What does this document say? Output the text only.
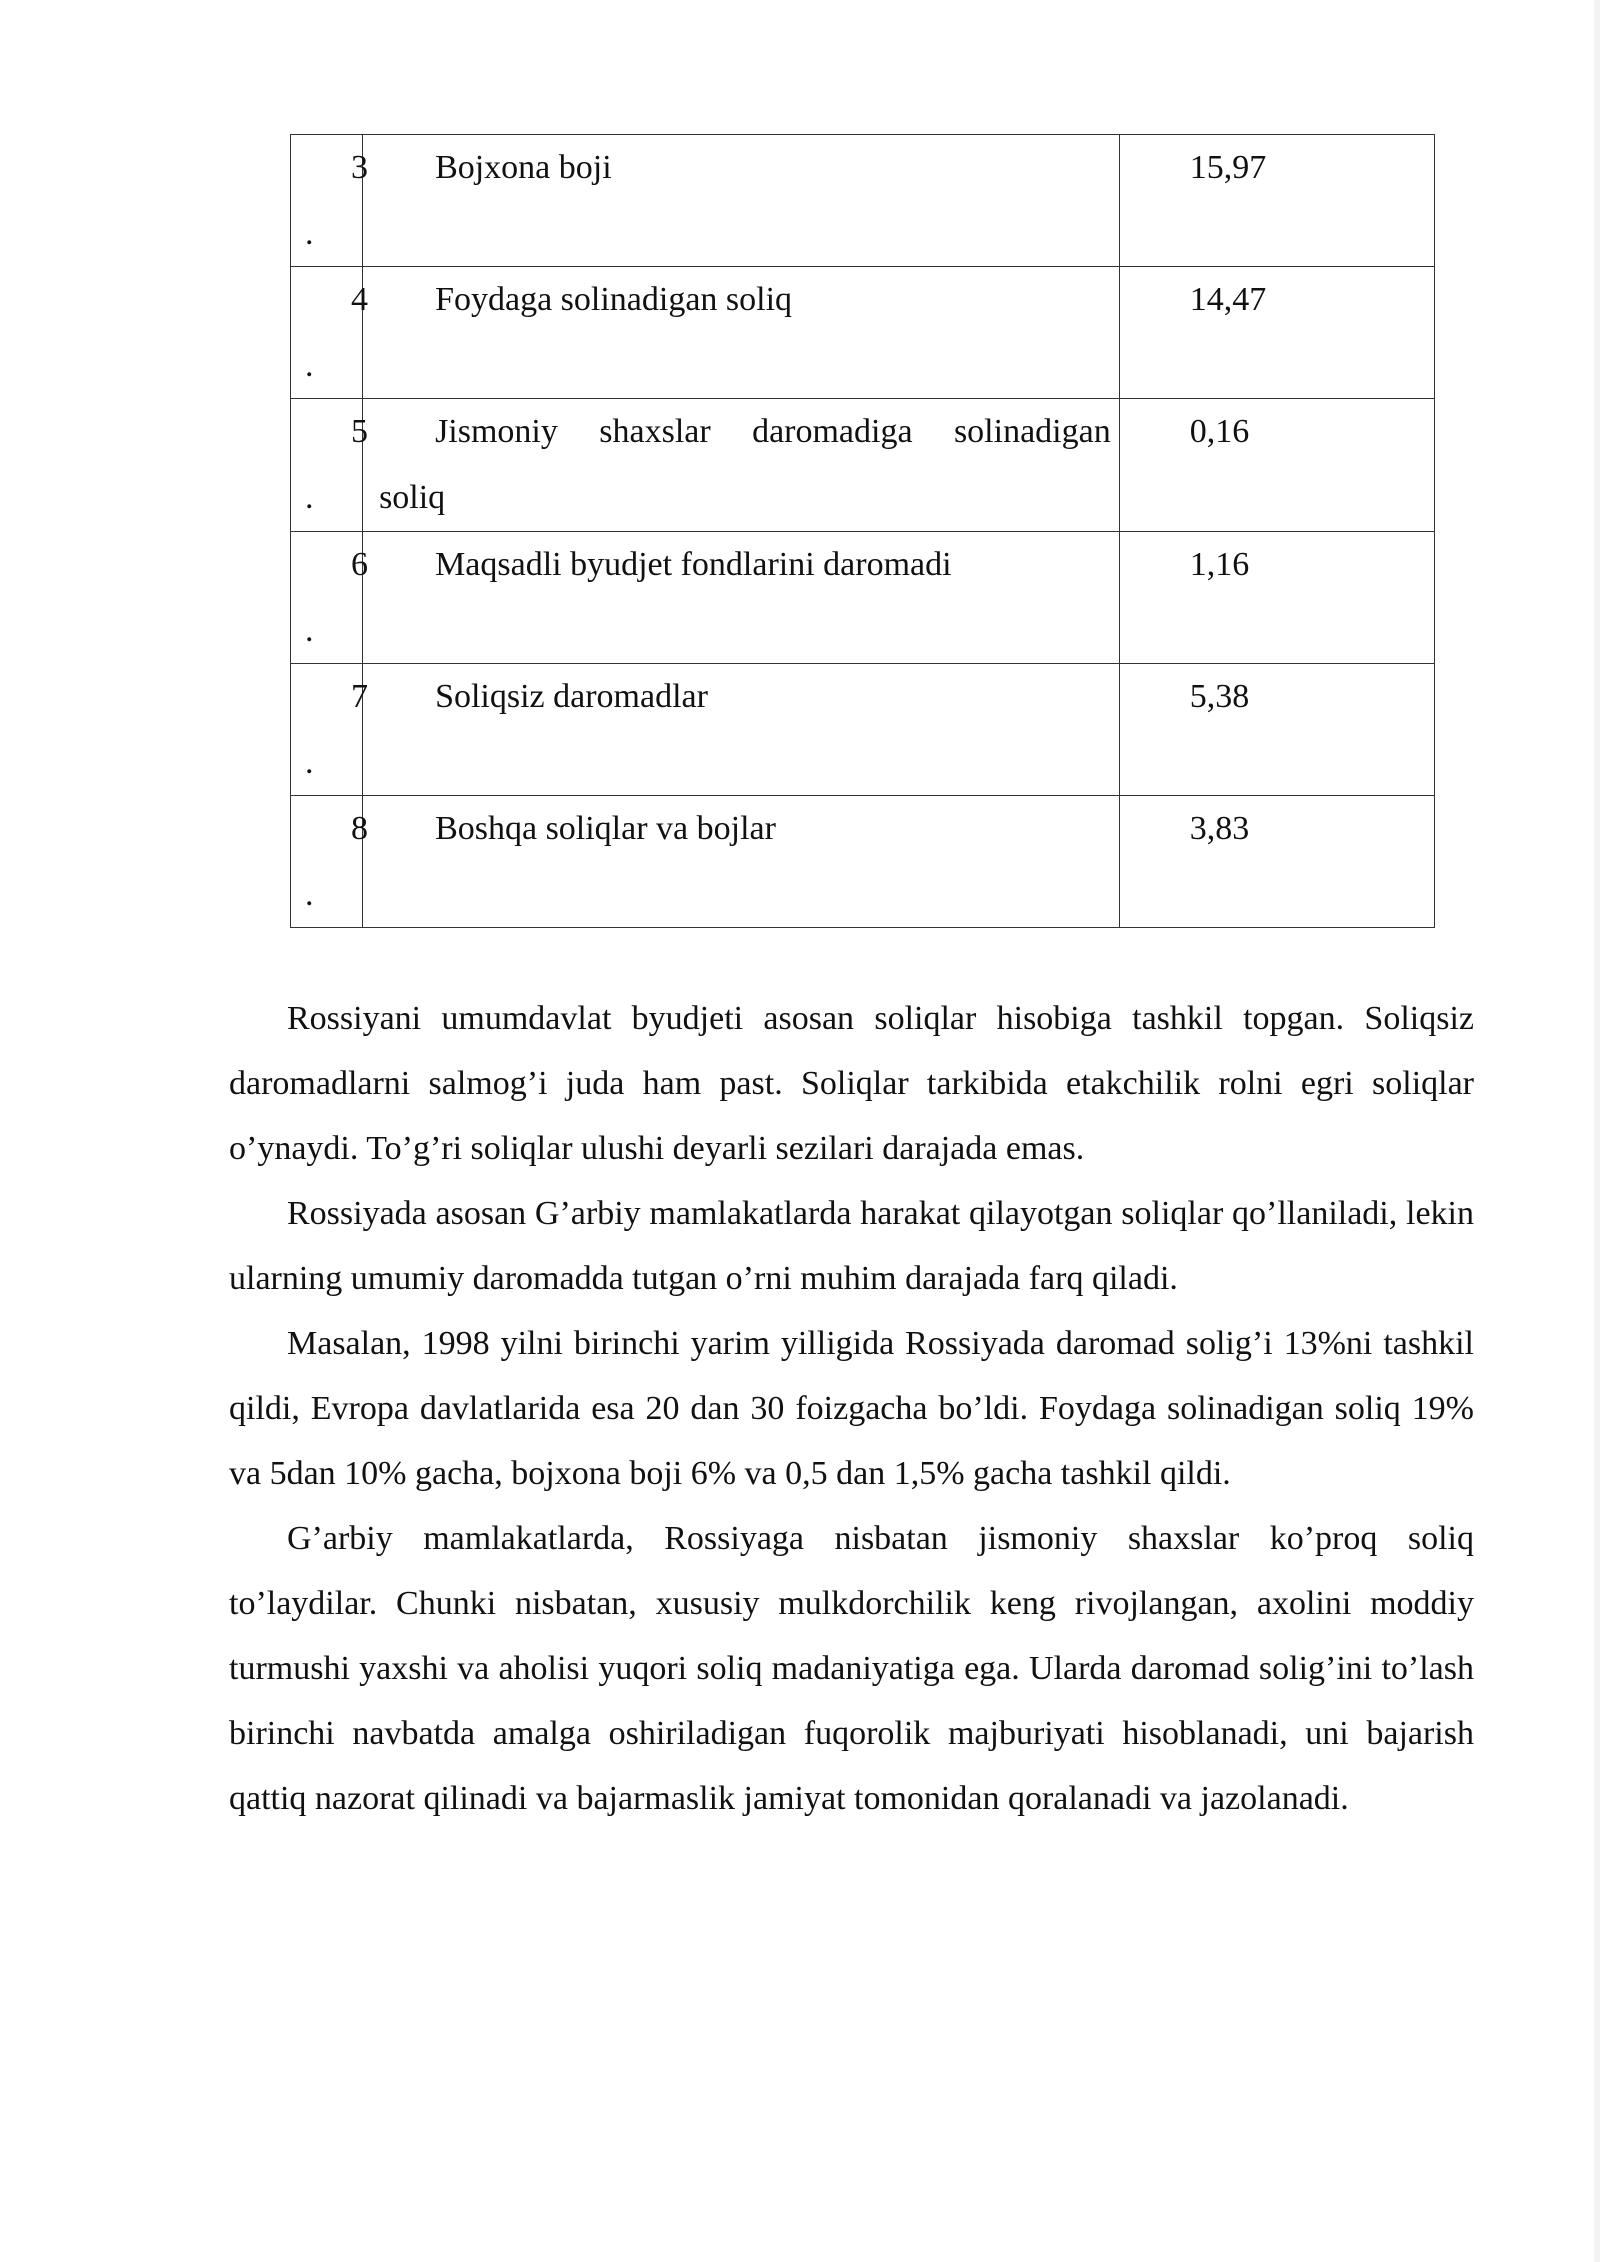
3
.	Bojxona boji	15,97

4
.	Foydaga solinadigan soliq	14,47

5
.	Jismoniy shaxslar daromadiga solinadigan
soliq	0,16

6
.	Maqsadli byudjet fondlarini daromadi	1,16

7
.	Soliqsiz daromadlar	5,38

8
.	Boshqa soliqlar va bojlar	3,83

Rossiyani umumdavlat byudjeti asosan soliqlar hisobiga tashkil topgan. Soliqsiz daromadlarni salmog’i juda ham past. Soliqlar tarkibida etakchilik rolni egri soliqlar o’ynaydi. To’g’ri soliqlar ulushi deyarli sezilari darajada emas.

Rossiyada asosan G’arbiy mamlakatlarda harakat qilayotgan soliqlar qo’llaniladi, lekin ularning umumiy daromadda tutgan o’rni muhim darajada farq qiladi.

Masalan, 1998 yilni birinchi yarim yilligida Rossiyada daromad solig’i 13%ni tashkil qildi, Evropa davlatlarida esa 20 dan 30 foizgacha bo’ldi. Foydaga solinadigan soliq 19% va 5dan 10% gacha, bojxona boji 6% va 0,5 dan 1,5% gacha tashkil qildi.

G’arbiy mamlakatlarda, Rossiyaga nisbatan jismoniy shaxslar ko’proq soliq to’laydilar. Chunki nisbatan, xususiy mulkdorchilik keng rivojlangan, axolini moddiy turmushi yaxshi va aholisi yuqori soliq madaniyatiga ega. Ularda daromad solig’ini to’lash birinchi navbatda amalga oshiriladigan fuqorolik majburiyati hisoblanadi, uni bajarish qattiq nazorat qilinadi va bajarmaslik jamiyat tomonidan qoralanadi va jazolanadi.
